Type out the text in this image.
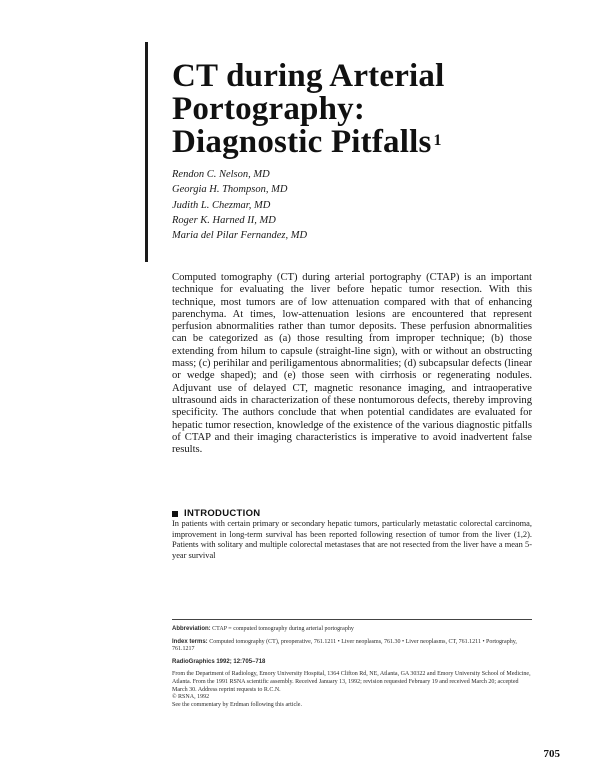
CT during Arterial
Portography:
Diagnostic Pitfalls $^1$
Rendon C. Nelson, MD
Georgia H. Thompson, MD
Judith L. Chezmar, MD
Roger K. Harned II, MD
Maria del Pilar Fernandez, MD

Computed tomography (CT) during arterial portography (CTAP) is an important technique for evaluating the liver before hepatic tumor resection. With this technique, most tumors are of low attenuation compared with that of enhancing parenchyma. At times, low-attenuation lesions are encountered that represent perfusion abnormalities rather than tumor deposits. These perfusion abnormalities can be categorized as (a) those resulting from improper technique; (b) those extending from hilum to capsule (straight-line sign), with or without an obstructing mass; (c) perihilar and periligamentous abnormalities; (d) subcapsular defects (linear or wedge shaped); and (e) those seen with cirrhosis or regenerating nodules. Adjuvant use of delayed CT, magnetic resonance imaging, and intraoperative ultrasound aids in characterization of these nontumorous defects, thereby improving specificity. The authors conclude that when potential candidates are evaluated for hepatic tumor resection, knowledge of the existence of the various diagnostic pitfalls of CTAP and their imaging characteristics is imperative to avoid inadvertent false results.

INTRODUCTION

In patients with certain primary or secondary hepatic tumors, particularly metastatic colorectal carcinoma, improvement in long-term survival has been reported following resection of tumor from the liver (1,2). Patients with solitary and multiple colorectal metastases that are not resected from the liver have a mean 5-year survival

Abbreviation: CTAP = computed tomography during arterial portography

Index terms: Computed tomography (CT), preoperative, 761.1211 • Liver neoplasms, 761.30 • Liver neoplasms, CT, 761.1211 • Portography, 761.1217

RadioGraphics 1992; 12:705–718

From the Department of Radiology, Emory University Hospital, 1364 Clifton Rd, NE, Atlanta, GA 30322 and Emory University School of Medicine, Atlanta. From the 1991 RSNA scientific assembly. Received January 13, 1992; revision requested February 19 and received March 20; accepted March 30. Address reprint requests to R.C.N.

© RSNA, 1992

See the commentary by Erdman following this article.

705
